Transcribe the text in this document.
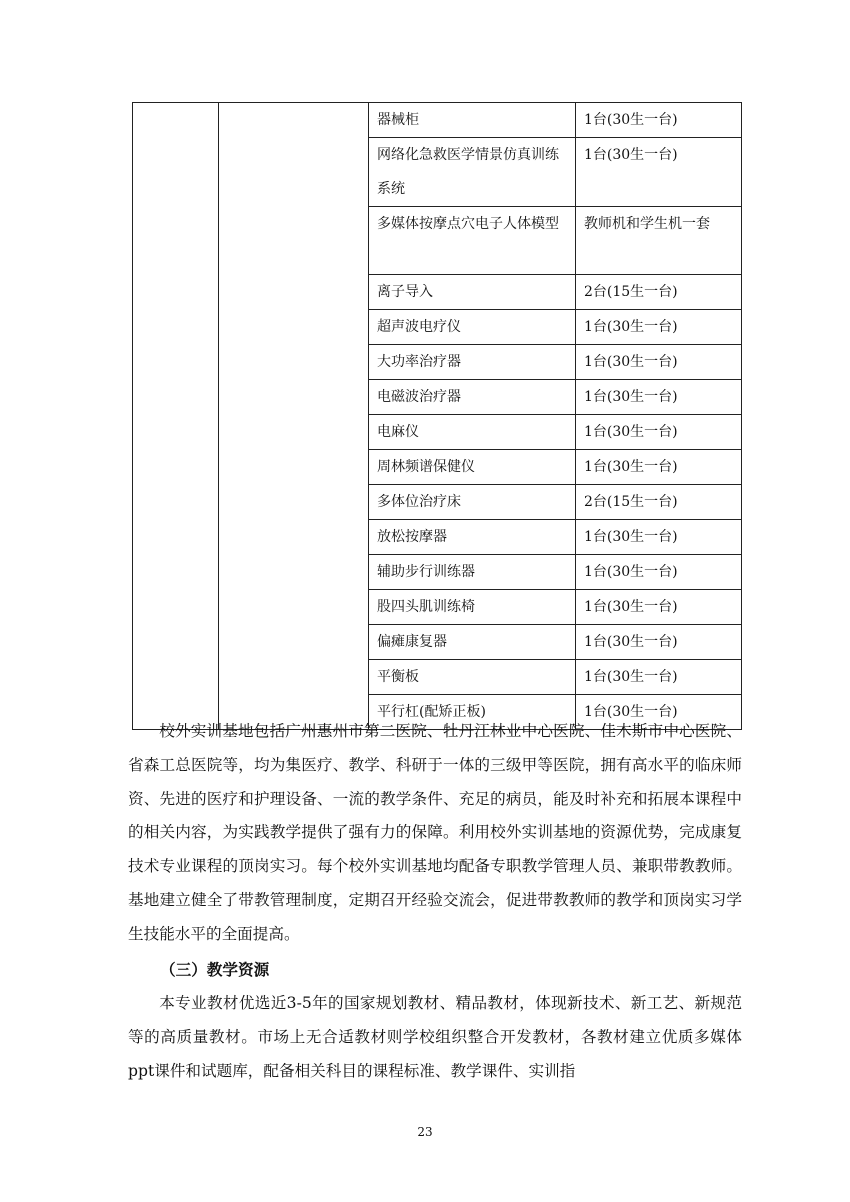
		器械柜	1台(30生一台)
		网络化急救医学情景仿真训练系统	1台(30生一台)
		多媒体按摩点穴电子人体模型	教师机和学生机一套
		离子导入	2台(15生一台)
		超声波电疗仪	1台(30生一台)
		大功率治疗器	1台(30生一台)
		电磁波治疗器	1台(30生一台)
		电麻仪	1台(30生一台)
		周林频谱保健仪	1台(30生一台)
		多体位治疗床	2台(15生一台)
		放松按摩器	1台(30生一台)
		辅助步行训练器	1台(30生一台)
		股四头肌训练椅	1台(30生一台)
		偏瘫康复器	1台(30生一台)
		平衡板	1台(30生一台)
		平行杠(配矫正板)	1台(30生一台)

校外实训基地包括广州惠州市第二医院、牡丹江林业中心医院、佳木斯市中心医院、省森工总医院等，均为集医疗、教学、科研于一体的三级甲等医院，拥有高水平的临床师资、先进的医疗和护理设备、一流的教学条件、充足的病员，能及时补充和拓展本课程中的相关内容，为实践教学提供了强有力的保障。利用校外实训基地的资源优势，完成康复技术专业课程的顶岗实习。每个校外实训基地均配备专职教学管理人员、兼职带教教师。基地建立健全了带教管理制度，定期召开经验交流会，促进带教教师的教学和顶岗实习学生技能水平的全面提高。

（三）教学资源

本专业教材优选近3-5年的国家规划教材、精品教材，体现新技术、新工艺、新规范等的高质量教材。市场上无合适教材则学校组织整合开发教材，各教材建立优质多媒体ppt课件和试题库，配备相关科目的课程标准、教学课件、实训指

23
